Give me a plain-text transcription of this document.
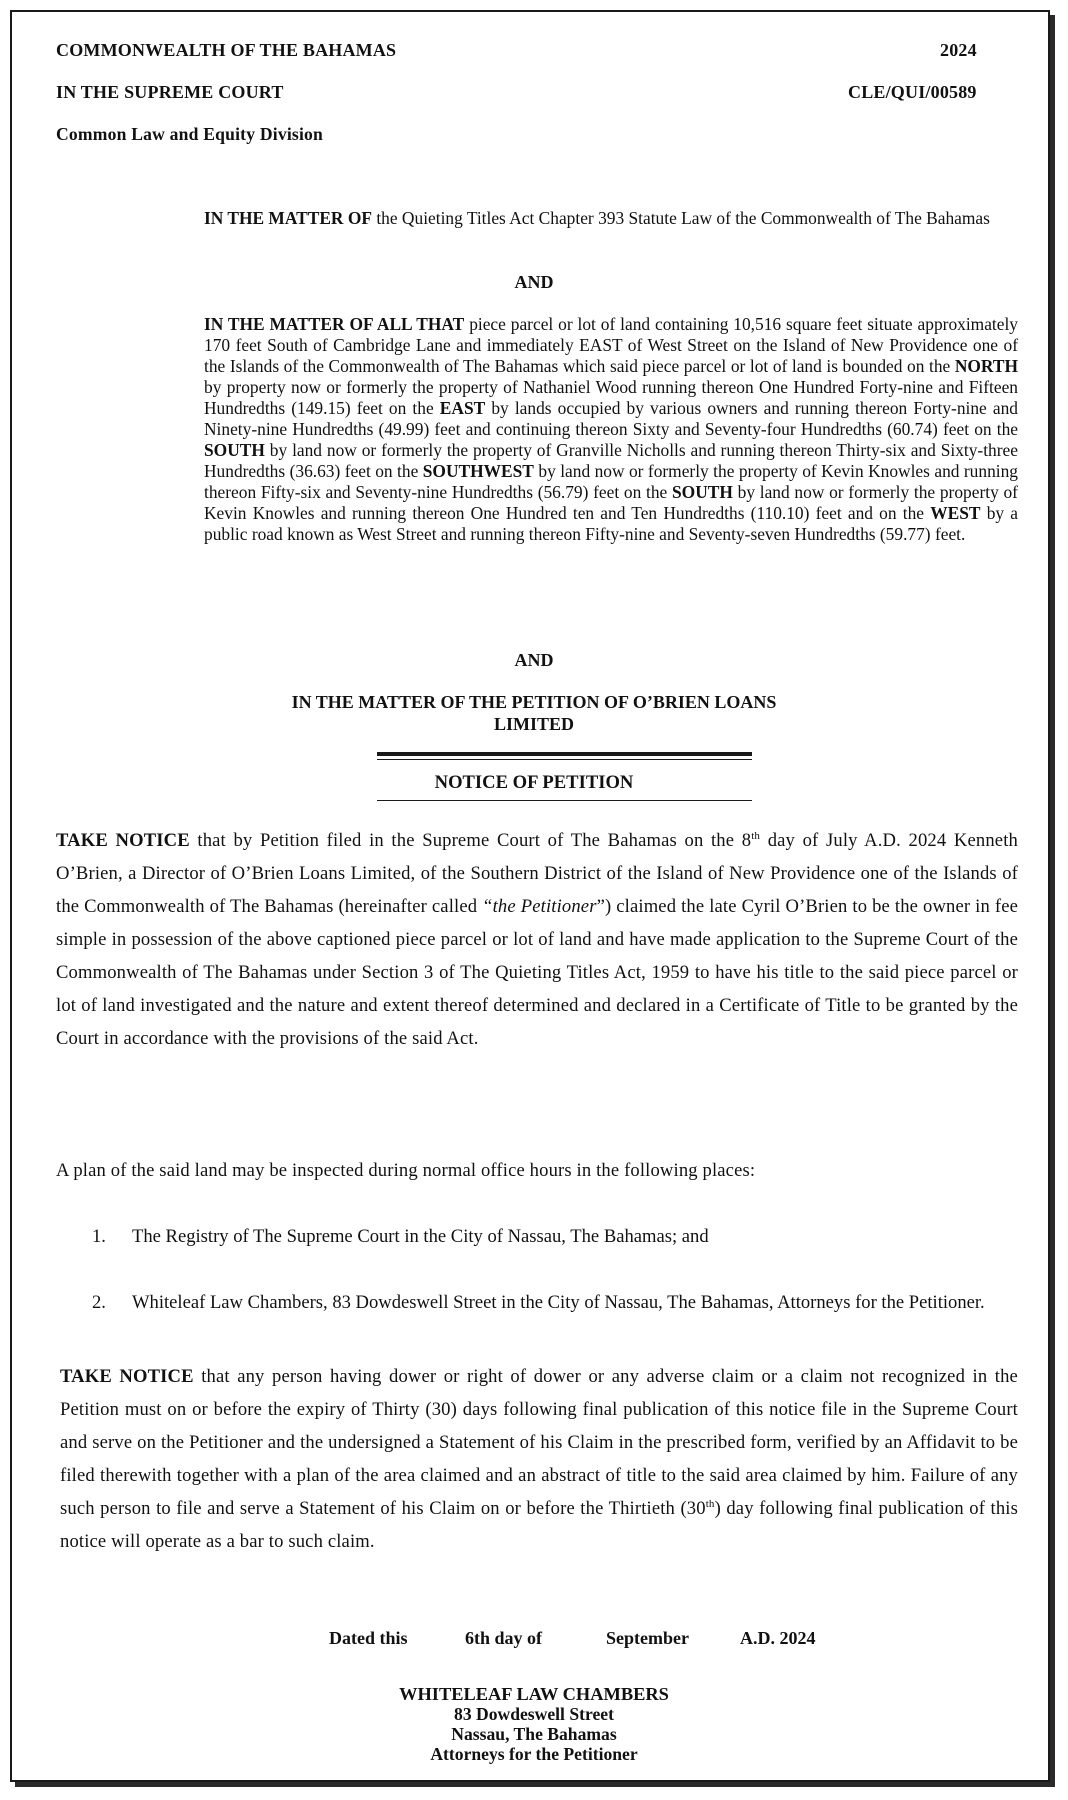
COMMONWEALTH OF THE BAHAMAS	2024
IN THE SUPREME COURT	CLE/QUI/00589
Common Law and Equity Division
IN THE MATTER OF the Quieting Titles Act Chapter 393 Statute Law of the Commonwealth of The Bahamas
AND
IN THE MATTER OF ALL THAT piece parcel or lot of land containing 10,516 square feet situate approximately 170 feet South of Cambridge Lane and immediately EAST of West Street on the Island of New Providence one of the Islands of the Commonwealth of The Bahamas which said piece parcel or lot of land is bounded on the NORTH by property now or formerly the property of Nathaniel Wood running thereon One Hundred Forty-nine and Fifteen Hundredths (149.15) feet on the EAST by lands occupied by various owners and running thereon Forty-nine and Ninety-nine Hundredths (49.99) feet and continuing thereon Sixty and Seventy-four Hundredths (60.74) feet on the SOUTH by land now or formerly the property of Granville Nicholls and running thereon Thirty-six and Sixty-three Hundredths (36.63) feet on the SOUTHWEST by land now or formerly the property of Kevin Knowles and running thereon Fifty-six and Seventy-nine Hundredths (56.79) feet on the SOUTH by land now or formerly the property of Kevin Knowles and running thereon One Hundred ten and Ten Hundredths (110.10) feet and on the WEST by a public road known as West Street and running thereon Fifty-nine and Seventy-seven Hundredths (59.77) feet.
AND
IN THE MATTER OF THE PETITION OF O’BRIEN LOANS
LIMITED
NOTICE OF PETITION
TAKE NOTICE that by Petition filed in the Supreme Court of The Bahamas on the 8th day of July A.D. 2024 Kenneth O’Brien, a Director of O’Brien Loans Limited, of the Southern District of the Island of New Providence one of the Islands of the Commonwealth of The Bahamas (hereinafter called “the Petitioner”) claimed the late Cyril O’Brien to be the owner in fee simple in possession of the above captioned piece parcel or lot of land and have made application to the Supreme Court of the Commonwealth of The Bahamas under Section 3 of The Quieting Titles Act, 1959 to have his title to the said piece parcel or lot of land investigated and the nature and extent thereof determined and declared in a Certificate of Title to be granted by the Court in accordance with the provisions of the said Act.
A plan of the said land may be inspected during normal office hours in the following places:
1. The Registry of The Supreme Court in the City of Nassau, The Bahamas; and
2. Whiteleaf Law Chambers, 83 Dowdeswell Street in the City of Nassau, The Bahamas, Attorneys for the Petitioner.
TAKE NOTICE that any person having dower or right of dower or any adverse claim or a claim not recognized in the Petition must on or before the expiry of Thirty (30) days following final publication of this notice file in the Supreme Court and serve on the Petitioner and the undersigned a Statement of his Claim in the prescribed form, verified by an Affidavit to be filed therewith together with a plan of the area claimed and an abstract of title to the said area claimed by him. Failure of any such person to file and serve a Statement of his Claim on or before the Thirtieth (30th) day following final publication of this notice will operate as a bar to such claim.
Dated this	6th day of	September	A.D. 2024
WHITELEAF LAW CHAMBERS
83 Dowdeswell Street
Nassau, The Bahamas
Attorneys for the Petitioner
